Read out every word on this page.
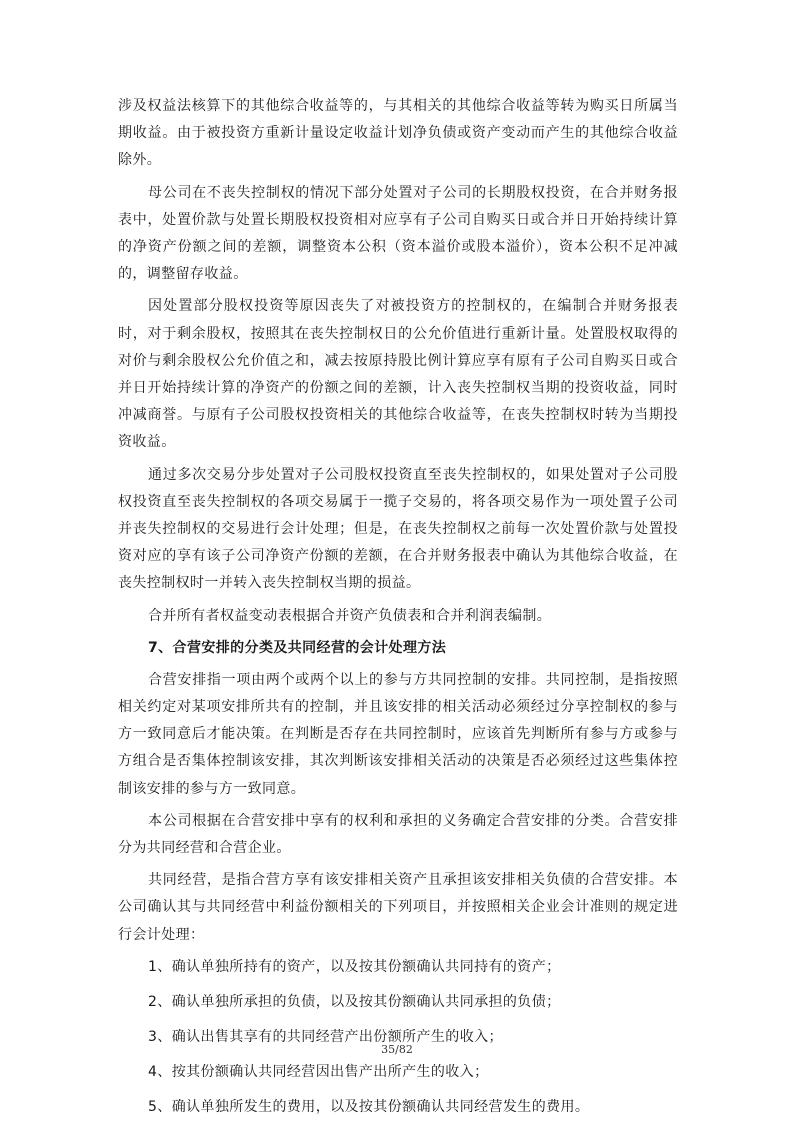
涉及权益法核算下的其他综合收益等的，与其相关的其他综合收益等转为购买日所属当期收益。由于被投资方重新计量设定收益计划净负债或资产变动而产生的其他综合收益除外。

母公司在不丧失控制权的情况下部分处置对子公司的长期股权投资，在合并财务报表中，处置价款与处置长期股权投资相对应享有子公司自购买日或合并日开始持续计算的净资产份额之间的差额，调整资本公积（资本溢价或股本溢价），资本公积不足冲减的，调整留存收益。

因处置部分股权投资等原因丧失了对被投资方的控制权的，在编制合并财务报表时，对于剩余股权，按照其在丧失控制权日的公允价值进行重新计量。处置股权取得的对价与剩余股权公允价值之和，减去按原持股比例计算应享有原有子公司自购买日或合并日开始持续计算的净资产的份额之间的差额，计入丧失控制权当期的投资收益，同时冲减商誉。与原有子公司股权投资相关的其他综合收益等，在丧失控制权时转为当期投资收益。

通过多次交易分步处置对子公司股权投资直至丧失控制权的，如果处置对子公司股权投资直至丧失控制权的各项交易属于一揽子交易的，将各项交易作为一项处置子公司并丧失控制权的交易进行会计处理；但是，在丧失控制权之前每一次处置价款与处置投资对应的享有该子公司净资产份额的差额，在合并财务报表中确认为其他综合收益，在丧失控制权时一并转入丧失控制权当期的损益。

合并所有者权益变动表根据合并资产负债表和合并利润表编制。

7、合营安排的分类及共同经营的会计处理方法

合营安排指一项由两个或两个以上的参与方共同控制的安排。共同控制，是指按照相关约定对某项安排所共有的控制，并且该安排的相关活动必须经过分享控制权的参与方一致同意后才能决策。在判断是否存在共同控制时，应该首先判断所有参与方或参与方组合是否集体控制该安排，其次判断该安排相关活动的决策是否必须经过这些集体控制该安排的参与方一致同意。

本公司根据在合营安排中享有的权利和承担的义务确定合营安排的分类。合营安排分为共同经营和合营企业。

共同经营，是指合营方享有该安排相关资产且承担该安排相关负债的合营安排。本公司确认其与共同经营中利益份额相关的下列项目，并按照相关企业会计准则的规定进行会计处理：

1、确认单独所持有的资产，以及按其份额确认共同持有的资产；

2、确认单独所承担的负债，以及按其份额确认共同承担的负债；

3、确认出售其享有的共同经营产出份额所产生的收入；

4、按其份额确认共同经营因出售产出所产生的收入；

5、确认单独所发生的费用，以及按其份额确认共同经营发生的费用。

35/82
